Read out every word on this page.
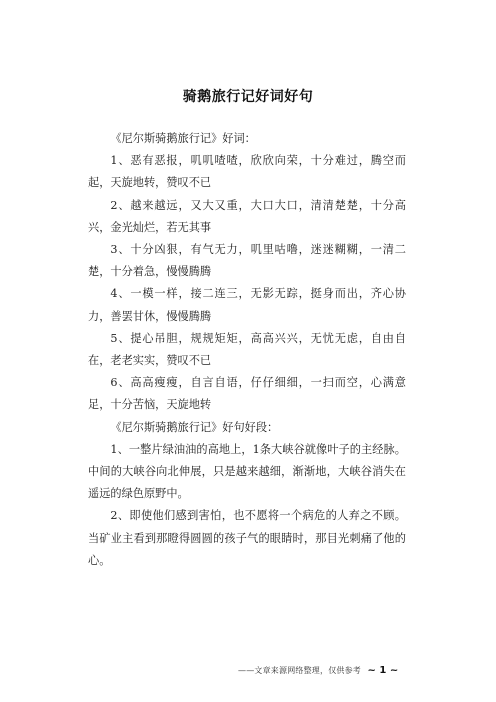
骑鹅旅行记好词好句

《尼尔斯骑鹅旅行记》好词：

1、恶有恶报，叽叽喳喳，欣欣向荣，十分难过，腾空而起，天旋地转，赞叹不已

2、越来越远，又大又重，大口大口，清清楚楚，十分高兴，金光灿烂，若无其事

3、十分凶狠，有气无力，叽里咕噜，迷迷糊糊，一清二楚，十分着急，慢慢腾腾

4、一模一样，接二连三，无影无踪，挺身而出，齐心协力，善罢甘休，慢慢腾腾

5、提心吊胆，规规矩矩，高高兴兴，无忧无虑，自由自在，老老实实，赞叹不已

6、高高瘦瘦，自言自语，仔仔细细，一扫而空，心满意足，十分苦恼，天旋地转

《尼尔斯骑鹅旅行记》好句好段：

1、一整片绿油油的高地上，1条大峡谷就像叶子的主经脉。中间的大峡谷向北伸展，只是越来越细，渐渐地，大峡谷消失在遥远的绿色原野中。

2、即使他们感到害怕，也不愿将一个病危的人弃之不顾。当矿业主看到那瞪得圆圆的孩子气的眼睛时，那目光刺痛了他的心。

——文章来源网络整理，仅供参考 ~ 1 ~
